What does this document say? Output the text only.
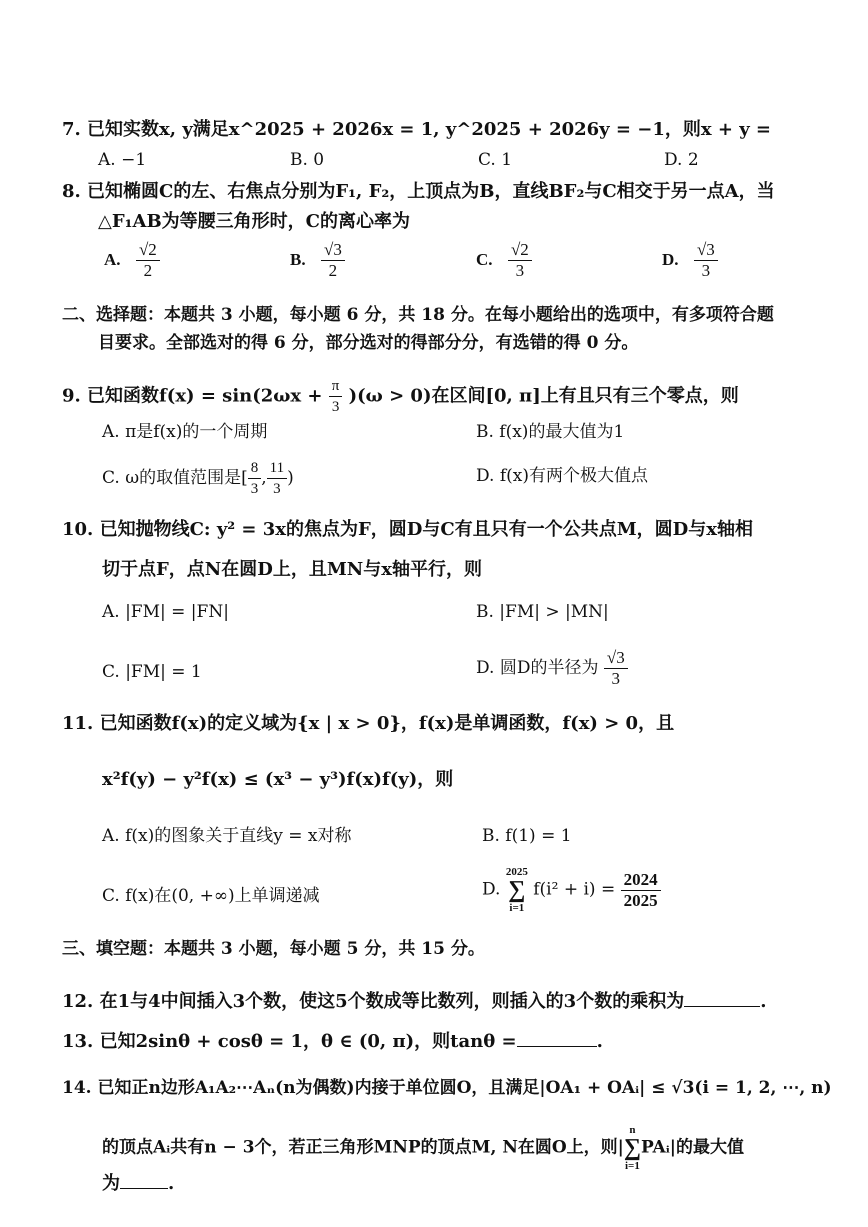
7. 已知实数x, y满足x^2025 + 2026x = 1, y^2025 + 2026y = −1，则x + y =
A. −1	B. 0	C. 1	D. 2
8. 已知椭圆C的左、右焦点分别为F₁, F₂，上顶点为B，直线BF₂与C相交于另一点A，当
△F₁AB为等腰三角形时，C的离心率为
A. $\frac{√2}{2}$	B. $\frac{√3}{2}$	C. $\frac{√2}{3}$	D. $\frac{√3}{3}$
二、选择题：本题共 3 小题，每小题 6 分，共 18 分。在每小题给出的选项中，有多项符合题
目要求。全部选对的得 6 分，部分选对的得部分分，有选错的得 0 分。
9. 已知函数$f(x) = \sin(2\omega x + \frac{\pi}{3} )(\omega > 0)$在区间[0, π]上有且只有三个零点，则
A. π是f(x)的一个周期	B. f(x)的最大值为1
C. ω的取值范围是[ $\frac{8}{3}$ , $\frac{11}{3}$ )	D. f(x)有两个极大值点
10. 已知抛物线C: y² = 3x的焦点为F，圆D与C有且只有一个公共点M，圆D与x轴相
切于点F，点N在圆D上，且MN与x轴平行，则
A. |FM| = |FN|	B. |FM| > |MN|
C. |FM| = 1	D. 圆D的半径为 $\frac{√3}{3}$
11. 已知函数f(x)的定义域为{x | x > 0}，f(x)是单调函数，f(x) > 0，且
x²f(y) − y²f(x) ≤ (x³ − y³)f(x)f(y)，则
A. f(x)的图象关于直线y = x对称	B. f(1) = 1
C. f(x)在(0, +∞)上单调递减	D.
2025
∑
i=1
$f(i^2 + i) = \frac{2024}{2025}$
三、填空题：本题共 3 小题，每小题 5 分，共 15 分。
12. 在1与4中间插入3个数，使这5个数成等比数列，则插入的3个数的乘积为	.
13. 已知2sinθ + cosθ = 1，θ ∈ (0, π)，则tanθ =	.
14. 已知正n边形A₁A₂⋯Aₙ(n为偶数)内接于单位圆O，且满足|OA₁ + OAᵢ| ≤ √3(i = 1, 2, ⋯, n)
的顶点Aᵢ共有n − 3个，若正三角形MNP的顶点M, N在圆O上，则|
n
∑
i=1
PAᵢ|的最大值
为	.
